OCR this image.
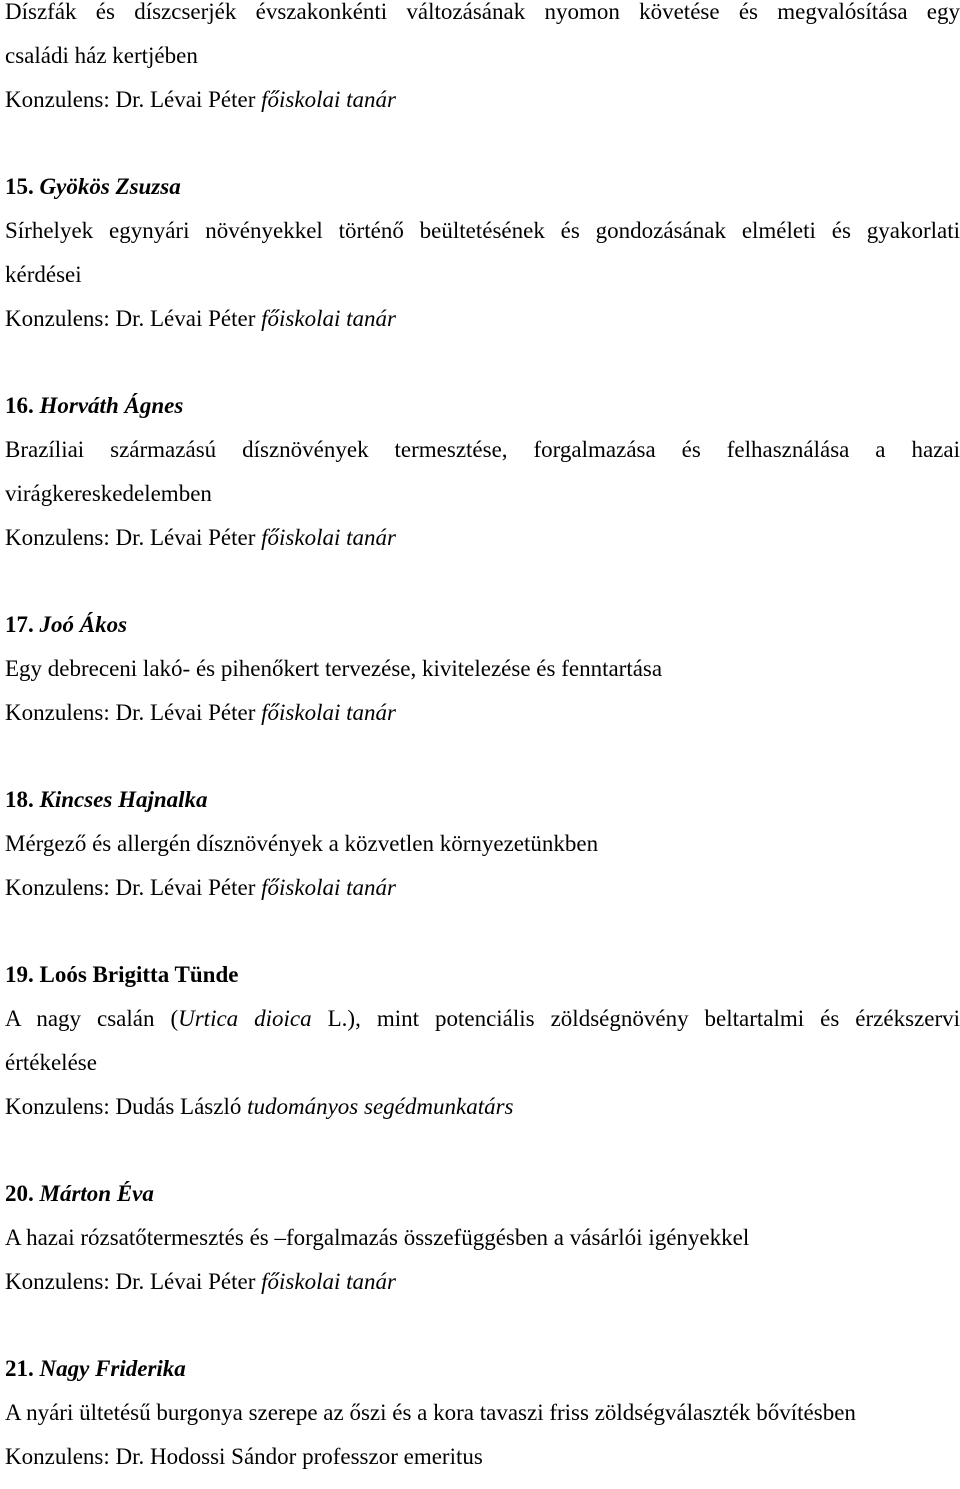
Díszfák és díszcserjék évszakonkénti változásának nyomon követése és megvalósítása egy
családi ház kertjében
Konzulens: Dr. Lévai Péter főiskolai tanár
15. Gyökös Zsuzsa
Sírhelyek egynyári növényekkel történő beültetésének és gondozásának elméleti és gyakorlati
kérdései
Konzulens: Dr. Lévai Péter főiskolai tanár
16. Horváth Ágnes
Brazíliai származású dísznövények termesztése, forgalmazása és felhasználása a hazai
virágkereskedelemben
Konzulens: Dr. Lévai Péter főiskolai tanár
17. Joó Ákos
Egy debreceni lakó- és pihenőkert tervezése, kivitelezése és fenntartása
Konzulens: Dr. Lévai Péter főiskolai tanár
18. Kincses Hajnalka
Mérgező és allergén dísznövények a közvetlen környezetünkben
Konzulens: Dr. Lévai Péter főiskolai tanár
19. Loós Brigitta Tünde
A nagy csalán (Urtica dioica L.), mint potenciális zöldségnövény beltartalmi és érzékszervi
értékelése
Konzulens: Dudás László tudományos segédmunkatárs
20. Márton Éva
A hazai rózsatőtermesztés és –forgalmazás összefüggésben a vásárlói igényekkel
Konzulens: Dr. Lévai Péter főiskolai tanár
21. Nagy Friderika
A nyári ültetésű burgonya szerepe az őszi és a kora tavaszi friss zöldségválaszték bővítésben
Konzulens: Dr. Hodossi Sándor professzor emeritus
